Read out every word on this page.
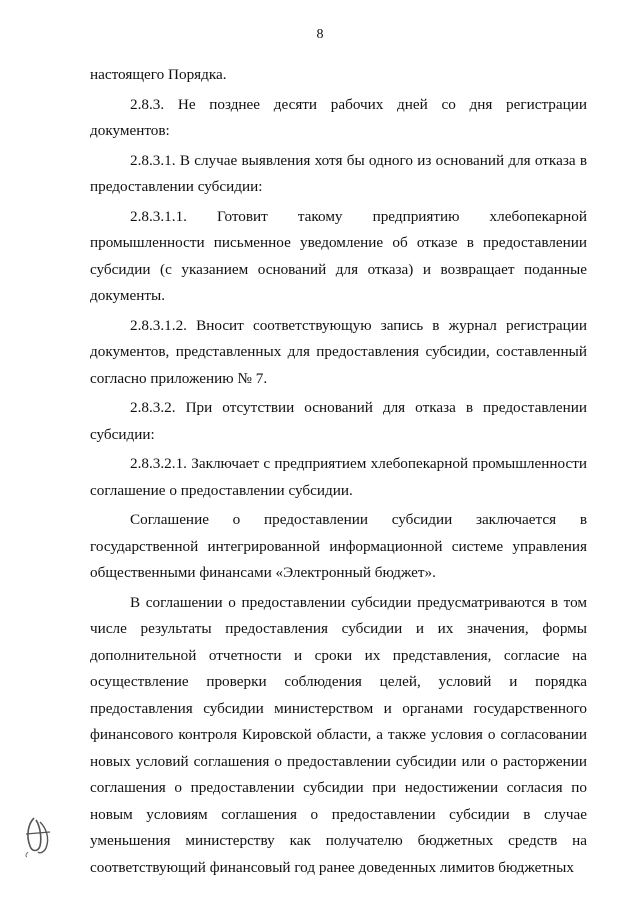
8

настоящего Порядка.

2.8.3. Не позднее десяти рабочих дней со дня регистрации документов:

2.8.3.1. В случае выявления хотя бы одного из оснований для отказа в предоставлении субсидии:

2.8.3.1.1. Готовит такому предприятию хлебопекарной промышленности письменное уведомление об отказе в предоставлении субсидии (с указанием оснований для отказа) и возвращает поданные документы.

2.8.3.1.2. Вносит соответствующую запись в журнал регистрации документов, представленных для предоставления субсидии, составленный согласно приложению № 7.

2.8.3.2. При отсутствии оснований для отказа в предоставлении субсидии:

2.8.3.2.1. Заключает с предприятием хлебопекарной промышленности соглашение о предоставлении субсидии.

Соглашение о предоставлении субсидии заключается в государственной интегрированной информационной системе управления общественными финансами «Электронный бюджет».

В соглашении о предоставлении субсидии предусматриваются в том числе результаты предоставления субсидии и их значения, формы дополнительной отчетности и сроки их представления, согласие на осуществление проверки соблюдения целей, условий и порядка предоставления субсидии министерством и органами государственного финансового контроля Кировской области, а также условия о согласовании новых условий соглашения о предоставлении субсидии или о расторжении соглашения о предоставлении субсидии при недостижении согласия по новым условиям соглашения о предоставлении субсидии в случае уменьшения министерству как получателю бюджетных средств на соответствующий финансовый год ранее доведенных лимитов бюджетных
